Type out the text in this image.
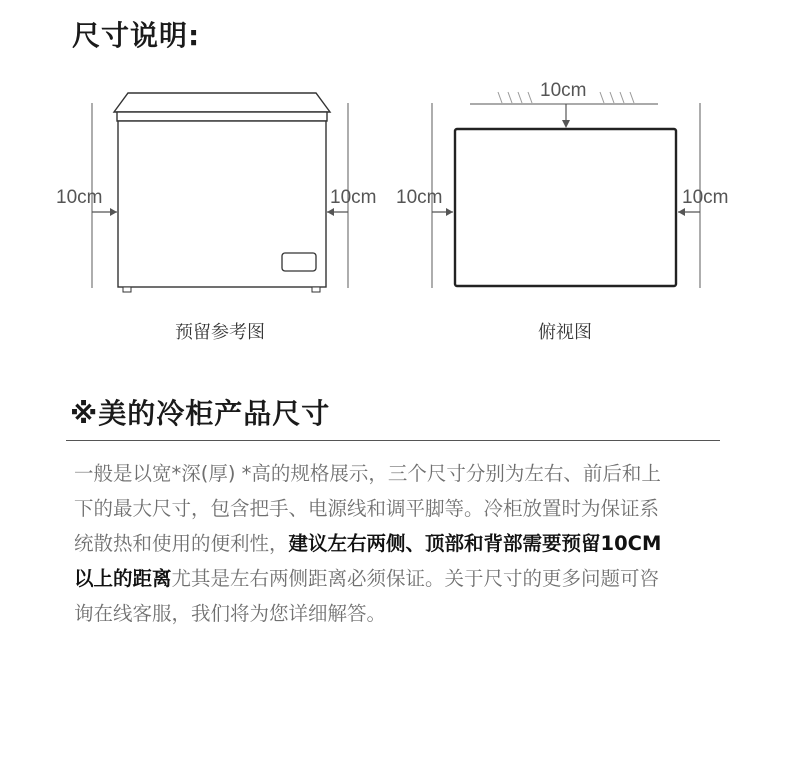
尺寸说明:
10cm	10cm
10cm
10cm	10cm
预留参考图	俯视图
※美的冷柜产品尺寸
一般是以宽*深(厚) *高的规格展示，三个尺寸分别为左右、前后和上
下的最大尺寸，包含把手、电源线和调平脚等。冷柜放置时为保证系
统散热和使用的便利性，建议左右两侧、顶部和背部需要预留10CM
以上的距离尤其是左右两侧距离必须保证。关于尺寸的更多问题可咨
询在线客服，我们将为您详细解答。
